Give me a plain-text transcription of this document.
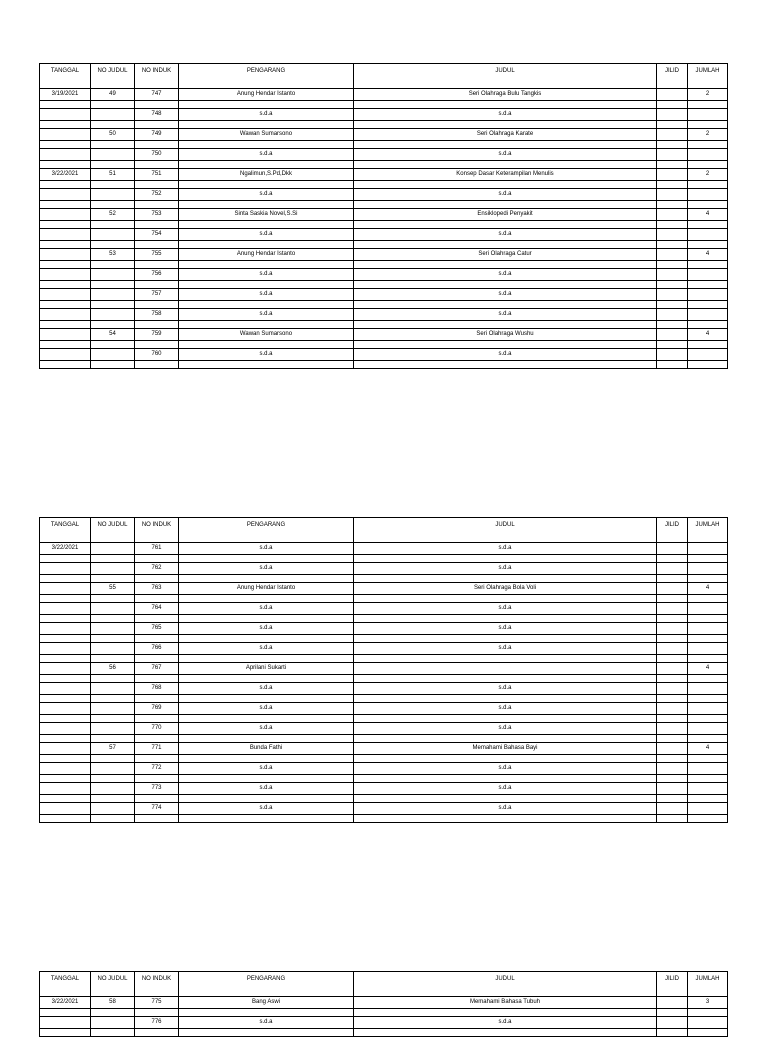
TANGGAL	NO JUDUL	NO INDUK	PENGARANG	JUDUL	JILID	JUMLAH
3/19/2021	49	747	Anung Hendar Istanto	Seri Olahraga Bulu Tangkis		2

		748	s.d.a	s.d.a		

	50	749	Wawan Sumarsono	Seri Olahraga Karate		2

		750	s.d.a	s.d.a		

3/22/2021	51	751	Ngalimun,S.Pd,Dkk	Konsep Dasar Keterampilan Menulis		2

		752	s.d.a	s.d.a		

	52	753	Sinta Saskia Novel,S.Si	Ensiklopedi Penyakit		4

		754	s.d.a	s.d.a		

	53	755	Anung Hendar Istanto	Seri Olahraga Catur		4

		756	s.d.a	s.d.a		

		757	s.d.a	s.d.a		

		758	s.d.a	s.d.a		

	54	759	Wawan Sumarsono	Seri Olahraga Wushu		4

		760	s.d.a	s.d.a		

TANGGAL	NO JUDUL	NO INDUK	PENGARANG	JUDUL	JILID	JUMLAH
3/22/2021		761	s.d.a	s.d.a		

		762	s.d.a	s.d.a		

	55	763	Anung Hendar Istanto	Seri Olahraga Bola Voli		4

		764	s.d.a	s.d.a		

		765	s.d.a	s.d.a		

		766	s.d.a	s.d.a		

	56	767	Aprilani Sukarti			4

		768	s.d.a	s.d.a		

		769	s.d.a	s.d.a		

		770	s.d.a	s.d.a		

	57	771	Bunda Fathi	Memahami Bahasa Bayi		4

		772	s.d.a	s.d.a		

		773	s.d.a	s.d.a		

		774	s.d.a	s.d.a		

TANGGAL	NO JUDUL	NO INDUK	PENGARANG	JUDUL	JILID	JUMLAH
3/22/2021	58	775	Bang Aswi	Memahami Bahasa Tubuh		3

		776	s.d.a	s.d.a		
